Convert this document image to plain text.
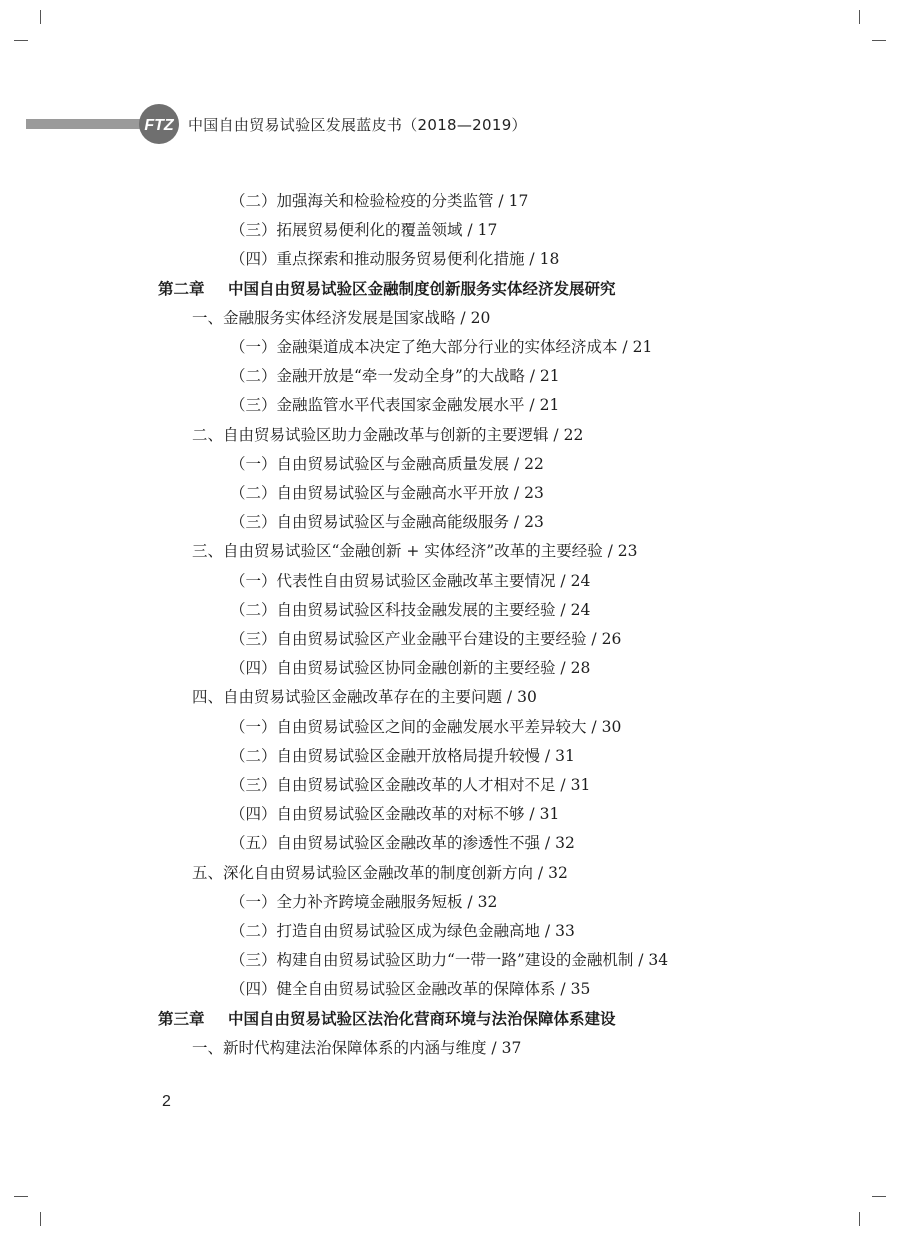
FTZ 中国自由贸易试验区发展蓝皮书（2018—2019）
（二）加强海关和检验检疫的分类监管 / 17
（三）拓展贸易便利化的覆盖领域 / 17
（四）重点探索和推动服务贸易便利化措施 / 18
第二章 中国自由贸易试验区金融制度创新服务实体经济发展研究
一、金融服务实体经济发展是国家战略 / 20
（一）金融渠道成本决定了绝大部分行业的实体经济成本 / 21
（二）金融开放是“牵一发动全身”的大战略 / 21
（三）金融监管水平代表国家金融发展水平 / 21
二、自由贸易试验区助力金融改革与创新的主要逻辑 / 22
（一）自由贸易试验区与金融高质量发展 / 22
（二）自由贸易试验区与金融高水平开放 / 23
（三）自由贸易试验区与金融高能级服务 / 23
三、自由贸易试验区“金融创新 + 实体经济”改革的主要经验 / 23
（一）代表性自由贸易试验区金融改革主要情况 / 24
（二）自由贸易试验区科技金融发展的主要经验 / 24
（三）自由贸易试验区产业金融平台建设的主要经验 / 26
（四）自由贸易试验区协同金融创新的主要经验 / 28
四、自由贸易试验区金融改革存在的主要问题 / 30
（一）自由贸易试验区之间的金融发展水平差异较大 / 30
（二）自由贸易试验区金融开放格局提升较慢 / 31
（三）自由贸易试验区金融改革的人才相对不足 / 31
（四）自由贸易试验区金融改革的对标不够 / 31
（五）自由贸易试验区金融改革的渗透性不强 / 32
五、深化自由贸易试验区金融改革的制度创新方向 / 32
（一）全力补齐跨境金融服务短板 / 32
（二）打造自由贸易试验区成为绿色金融高地 / 33
（三）构建自由贸易试验区助力“一带一路”建设的金融机制 / 34
（四）健全自由贸易试验区金融改革的保障体系 / 35
第三章 中国自由贸易试验区法治化营商环境与法治保障体系建设
一、新时代构建法治保障体系的内涵与维度 / 37
2
